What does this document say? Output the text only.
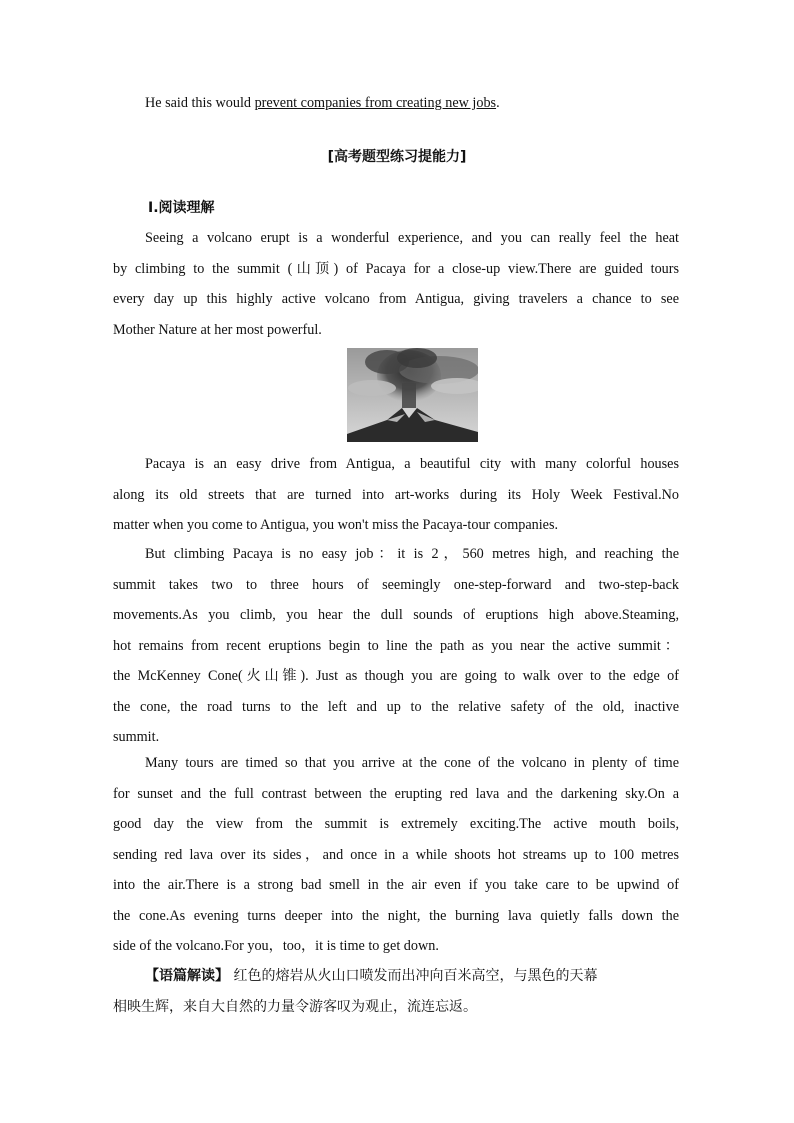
He said this would prevent companies from creating new jobs.
[高考题型练习提能力]
Ⅰ.阅读理解
Seeing a volcano erupt is a wonderful experience, and you can really feel the heat
by climbing to the summit (山顶) of Pacaya for a close-up view.There are guided tours
every day up this highly active volcano from Antigua, giving travelers a chance to see
Mother Nature at her most powerful.
Pacaya is an easy drive from Antigua, a beautiful city with many colorful houses
along its old streets that are turned into art-works during its Holy Week Festival.No
matter when you come to Antigua, you won't miss the Pacaya-tour companies.
But climbing Pacaya is no easy job：it is 2，560 metres high, and reaching the
summit takes two to three hours of seemingly one-step-forward and two-step-back
movements.As you climb, you hear the dull sounds of eruptions high above.Steaming,
hot remains from recent eruptions begin to line the path as you near the active summit：
the McKenney Cone(火山锥). Just as though you are going to walk over to the edge of
the cone, the road turns to the left and up to the relative safety of the old, inactive
summit.
Many tours are timed so that you arrive at the cone of the volcano in plenty of time
for sunset and the full contrast between the erupting red lava and the darkening sky.On a
good day the view from the summit is extremely exciting.The active mouth boils,
sending red lava over its sides，and once in a while shoots hot streams up to 100 metres
into the air.There is a strong bad smell in the air even if you take care to be upwind of
the cone.As evening turns deeper into the night, the burning lava quietly falls down the
side of the volcano.For you，too，it is time to get down.
【语篇解读】 红色的熔岩从火山口喷发而出冲向百米高空，与黑色的天幕
相映生辉，来自大自然的力量令游客叹为观止，流连忘返。
